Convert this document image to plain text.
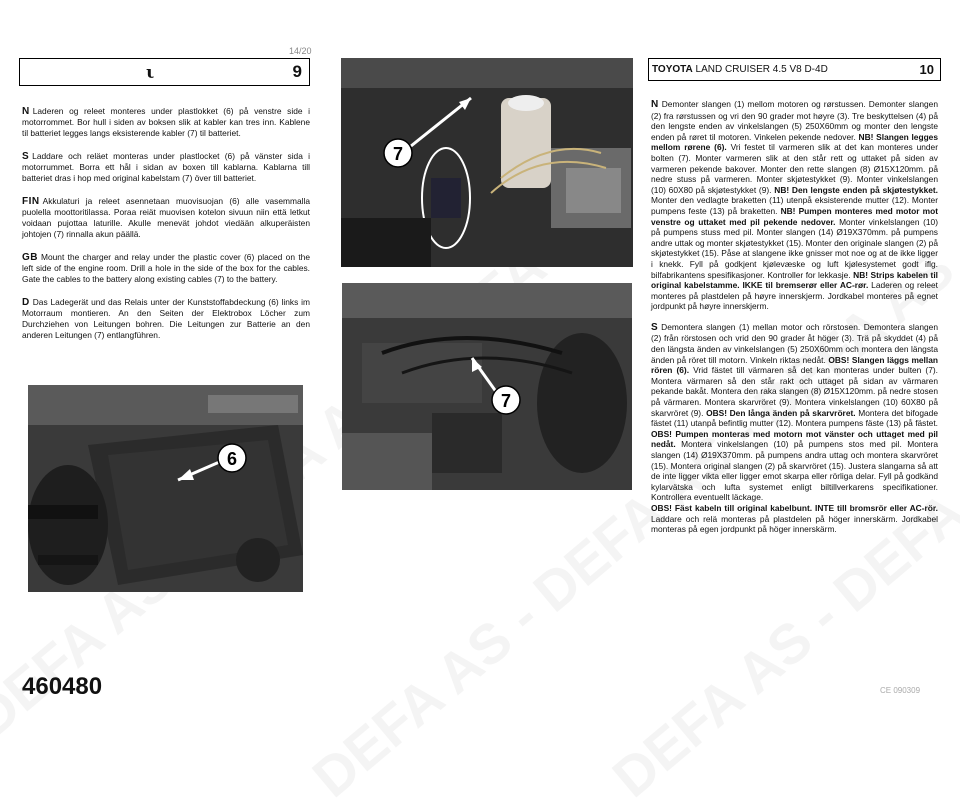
14/20
ι	9	TOYOTA LAND CRUISER 4.5 V8 D-4D	10

N Laderen og releet monteres under plastlokket (6) på venstre side i motorrommet. Bor hull i siden av boksen slik at kabler kan tres inn. Kablene til batteriet legges langs eksisterende kabler (7) til batteriet.

S Laddare och reläet monteras under plastlocket (6) på vänster sida i motorrummet. Borra ett hål i sidan av boxen till kablarna. Kablarna till batteriet dras i hop med original kabelstam (7) över till batteriet.

FIN Akkulaturi ja releet asennetaan muovisuojan (6) alle vasemmalla puolella moottoritilassa. Poraa reiät muovisen kotelon sivuun niin että letkut voidaan pujottaa laturille. Akulle menevät johdot viedään alkuperäisten johtojen (7) rinnalla akun päällä.

GB Mount the charger and relay under the plastic cover (6) placed on the left side of the engine room. Drill a hole in the side of the box for the cables. Gate the cables to the battery along existing cables (7) to the battery.

D Das Ladegerät und das Relais unter der Kunststoffabdeckung (6) links im Motorraum montieren. An den Seiten der Elektrobox Löcher zum Durchziehen von Leitungen bohren. Die Leitungen zur Batterie an den anderen Leitungen (7) entlangführen.

6
7
7

N Demonter slangen (1) mellom motoren og rørstussen. Demonter slangen (2) fra rørstussen og vri den 90 grader mot høyre (3). Tre beskyttelsen (4) på den lengste enden av vinkelslangen (5) 250X60mm og monter den lengste enden på røret til motoren. Vinkelen pekende nedover. NB! Slangen legges mellom rørene (6). Vri festet til varmeren slik at det kan monteres under bolten (7). Monter varmeren slik at den står rett og uttaket på siden av varmeren pekende bakover. Monter den rette slangen (8) Ø15X120mm. på nedre stuss på varmeren. Monter skjøtestykket (9). Monter vinkelslangen (10) 60X80 på skjøtestykket (9). NB! Den lengste enden på skjøtestykket. Monter den vedlagte braketten (11) utenpå eksisterende mutter (12). Monter pumpens feste (13) på braketten. NB! Pumpen monteres med motor mot venstre og uttaket med pil pekende nedover. Monter vinkelslangen (10) på pumpens stuss med pil. Monter slangen (14) Ø19X370mm. på pumpens andre uttak og monter skjøtestykket (15). Monter den originale slangen (2) på skjøtestykket (15). Påse at slangene ikke gnisser mot noe og at de ikke ligger i knekk. Fyll på godkjent kjølevæske og luft kjølesystemet godt iflg. bilfabrikantens spesifikasjoner. Kontroller for lekkasje. NB! Strips kabelen til original kabelstamme. IKKE til bremserør eller AC-rør. Laderen og releet monteres på plastdelen på høyre innerskjerm. Jordkabel monteres på egnet jordpunkt på høyre innerskjerm.

S Demontera slangen (1) mellan motor och rörstosen. Demontera slangen (2) från rörstosen och vrid den 90 grader åt höger (3). Trä på skyddet (4) på den längsta änden av vinkelslangen (5) 250X60mm och montera den längsta änden på röret till motorn. Vinkeln riktas nedåt. OBS! Slangen läggs mellan rören (6). Vrid fästet till värmaren så det kan monteras under bulten (7). Montera värmaren så den står rakt och uttaget på sidan av värmaren pekande bakåt. Montera den raka slangen (8) Ø15X120mm. på nedre stosen på värmaren. Montera skarvröret (9). Montera vinkelslangen (10) 60X80 på skarvröret (9). OBS! Den långa änden på skarvröret. Montera det bifogade fästet (11) utanpå befintlig mutter (12). Montera pumpens fäste (13) på fästet. OBS! Pumpen monteras med motorn mot vänster och uttaget med pil nedåt. Montera vinkelslangen (10) på pumpens stos med pil. Montera slangen (14) Ø19X370mm. på pumpens andra uttag och montera skarvröret (15). Montera original slangen (2) på skarvröret (15). Justera slangarna så att de inte ligger vikta eller ligger emot skarpa eller rörliga delar. Fyll på godkänd kylarvätska och lufta systemet enligt biltillverkarens specifikationer. Kontrollera eventuellt läckage.
OBS! Fäst kabeln till original kabelbunt. INTE till bromsrör eller AC-rör. Laddare och relä monteras på plastdelen på höger innerskärm. Jordkabel monteras på egen jordpunkt på höger innerskärm.

460480	CE 090309
